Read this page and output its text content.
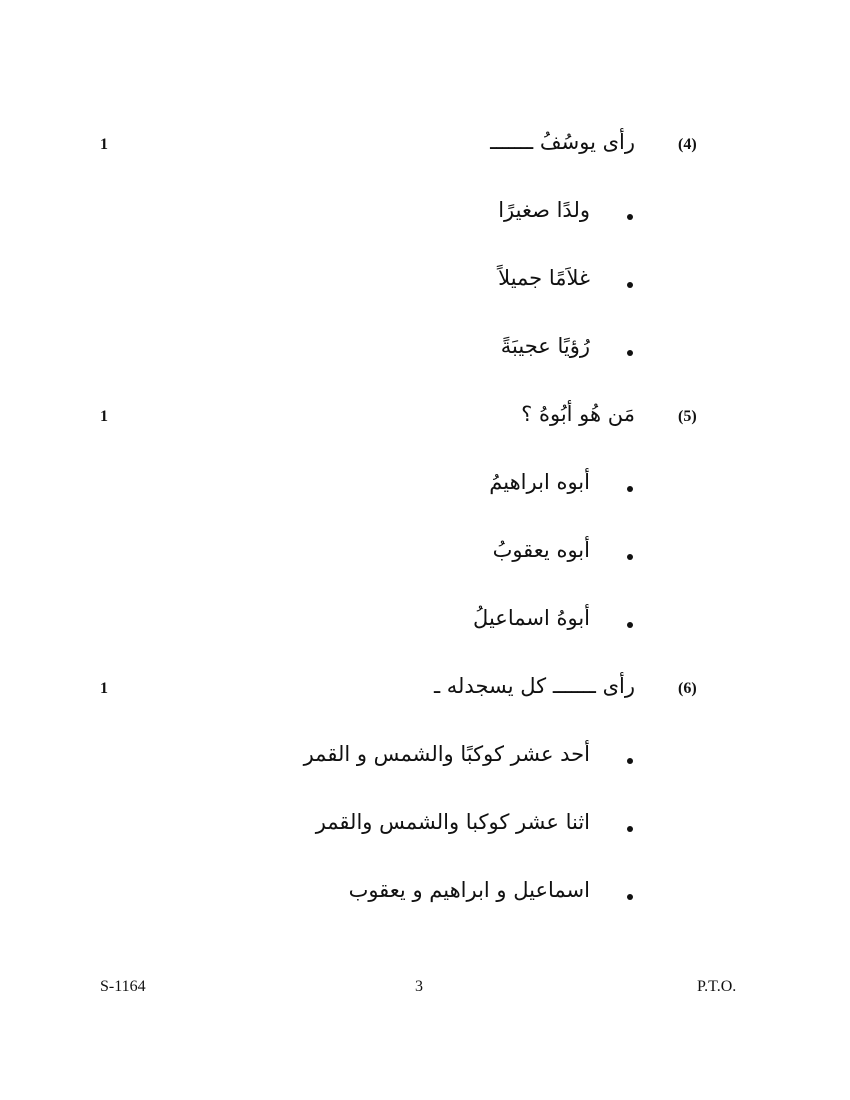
1	رأى يوسُفُ ـــــــ	(4)
ولدًا صغيرًا
غلاَمًا جميلاً
رُؤيًا عجيبَةً
1	مَن هُو أبُوهُ ؟	(5)
أبوه ابراهيمُ
أبوه يعقوبُ
أبوهُ اسماعيلُ
1	رأى ـــــــ كل يسجدله ـ	(6)
أحد عشر كوكبًا والشمس و القمر
اثنا عشر كوكبا والشمس والقمر
اسماعيل و ابراهيم و يعقوب
S-1164	3	P.T.O.
